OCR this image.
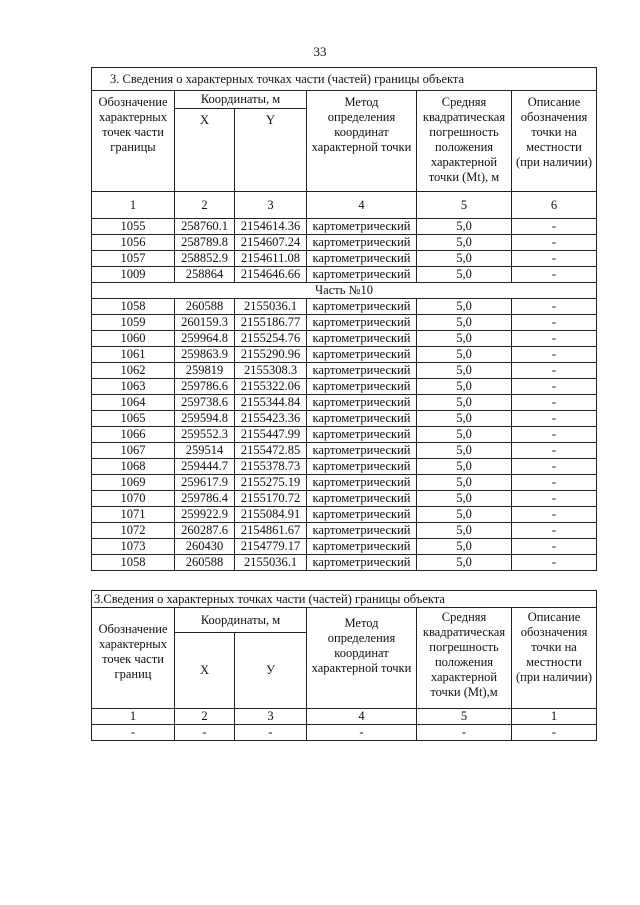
33
3. Сведения о характерных точках части (частей) границы объекта					
Обозначение характерных точек части границы	Координаты, м		Метод определения координат характерной точки	Средняя квадратическая погрешность положения характерной точки (Mt), м	Описание обозначения точки на местности (при наличии)
	X	Y			
1	2	3	4	5	6
1055	258760.1	2154614.36	картометрический	5,0	-
1056	258789.8	2154607.24	картометрический	5,0	-
1057	258852.9	2154611.08	картометрический	5,0	-
1009	258864	2154646.66	картометрический	5,0	-
Часть №10					
1058	260588	2155036.1	картометрический	5,0	-
1059	260159.3	2155186.77	картометрический	5,0	-
1060	259964.8	2155254.76	картометрический	5,0	-
1061	259863.9	2155290.96	картометрический	5,0	-
1062	259819	2155308.3	картометрический	5,0	-
1063	259786.6	2155322.06	картометрический	5,0	-
1064	259738.6	2155344.84	картометрический	5,0	-
1065	259594.8	2155423.36	картометрический	5,0	-
1066	259552.3	2155447.99	картометрический	5,0	-
1067	259514	2155472.85	картометрический	5,0	-
1068	259444.7	2155378.73	картометрический	5,0	-
1069	259617.9	2155275.19	картометрический	5,0	-
1070	259786.4	2155170.72	картометрический	5,0	-
1071	259922.9	2155084.91	картометрический	5,0	-
1072	260287.6	2154861.67	картометрический	5,0	-
1073	260430	2154779.17	картометрический	5,0	-
1058	260588	2155036.1	картометрический	5,0	-
3.Сведения о характерных точках части (частей) границы объекта					
Обозначение характерных точек части границ	Координаты, м		Метод определения координат характерной точки	Средняя квадратическая погрешность положения характерной точки (Mt),м	Описание обозначения точки на местности (при наличии)
	X	У			
1	2	3	4	5	1
-	-	-	-	-	-
